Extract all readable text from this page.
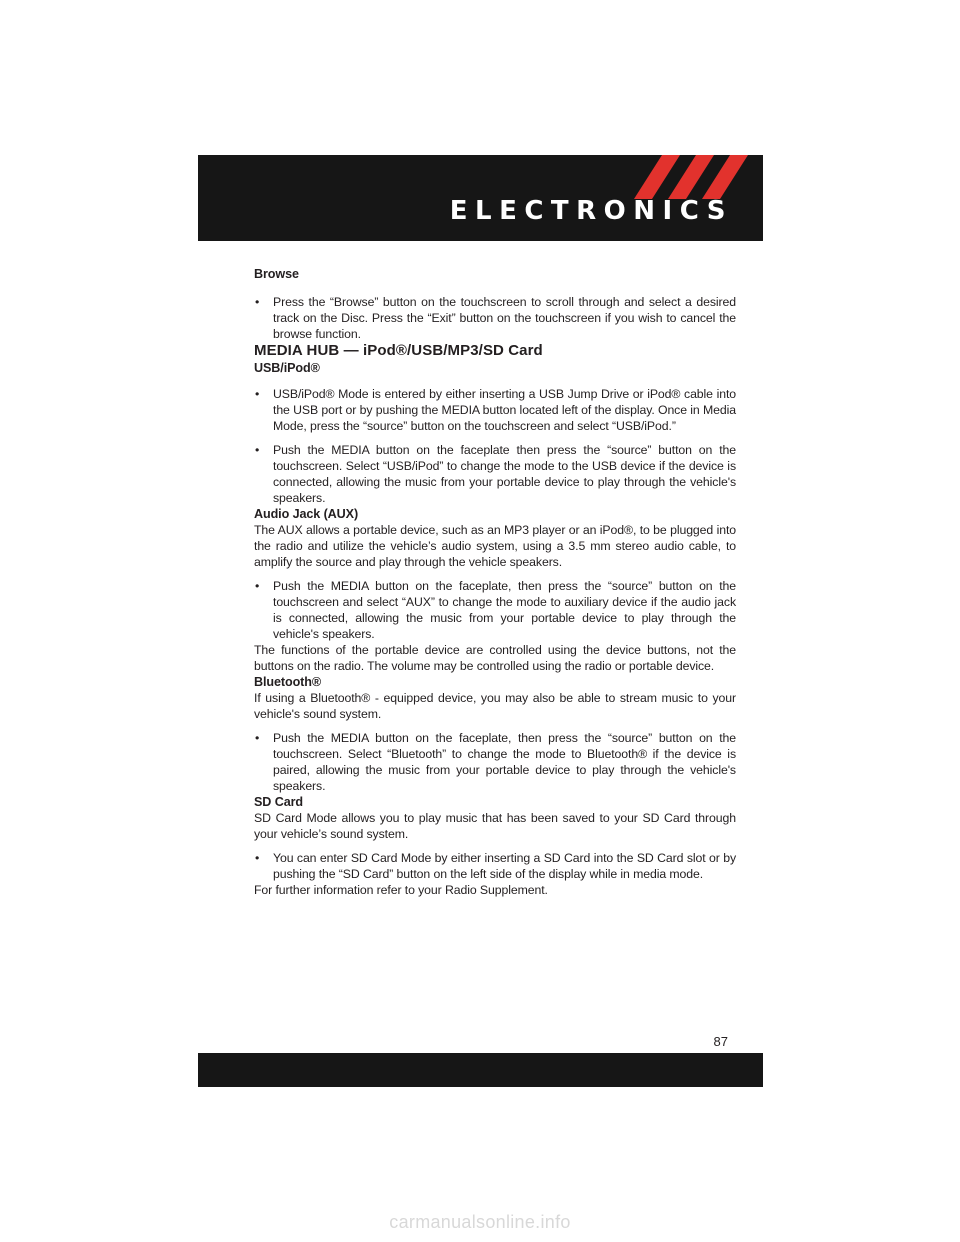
ELECTRONICS

Browse

• Press the “Browse” button on the touchscreen to scroll through and select a desired track on the Disc. Press the “Exit” button on the touchscreen if you wish to cancel the browse function.

MEDIA HUB — iPod®/USB/MP3/SD Card

USB/iPod®

• USB/iPod® Mode is entered by either inserting a USB Jump Drive or iPod® cable into the USB port or by pushing the MEDIA button located left of the display. Once in Media Mode, press the “source” button on the touchscreen and select “USB/iPod.”
• Push the MEDIA button on the faceplate then press the “source” button on the touchscreen. Select “USB/iPod” to change the mode to the USB device if the device is connected, allowing the music from your portable device to play through the vehicle's speakers.

Audio Jack (AUX)

The AUX allows a portable device, such as an MP3 player or an iPod®, to be plugged into the radio and utilize the vehicle’s audio system, using a 3.5 mm stereo audio cable, to amplify the source and play through the vehicle speakers.

• Push the MEDIA button on the faceplate, then press the “source” button on the touchscreen and select “AUX” to change the mode to auxiliary device if the audio jack is connected, allowing the music from your portable device to play through the vehicle's speakers.

The functions of the portable device are controlled using the device buttons, not the buttons on the radio. The volume may be controlled using the radio or portable device.

Bluetooth®

If using a Bluetooth® - equipped device, you may also be able to stream music to your vehicle's sound system.

• Push the MEDIA button on the faceplate, then press the “source” button on the touchscreen. Select “Bluetooth” to change the mode to Bluetooth® if the device is paired, allowing the music from your portable device to play through the vehicle's speakers.

SD Card

SD Card Mode allows you to play music that has been saved to your SD Card through your vehicle’s sound system.

• You can enter SD Card Mode by either inserting a SD Card into the SD Card slot or by pushing the “SD Card” button on the left side of the display while in media mode.

For further information refer to your Radio Supplement.

87
carmanualsonline.info
